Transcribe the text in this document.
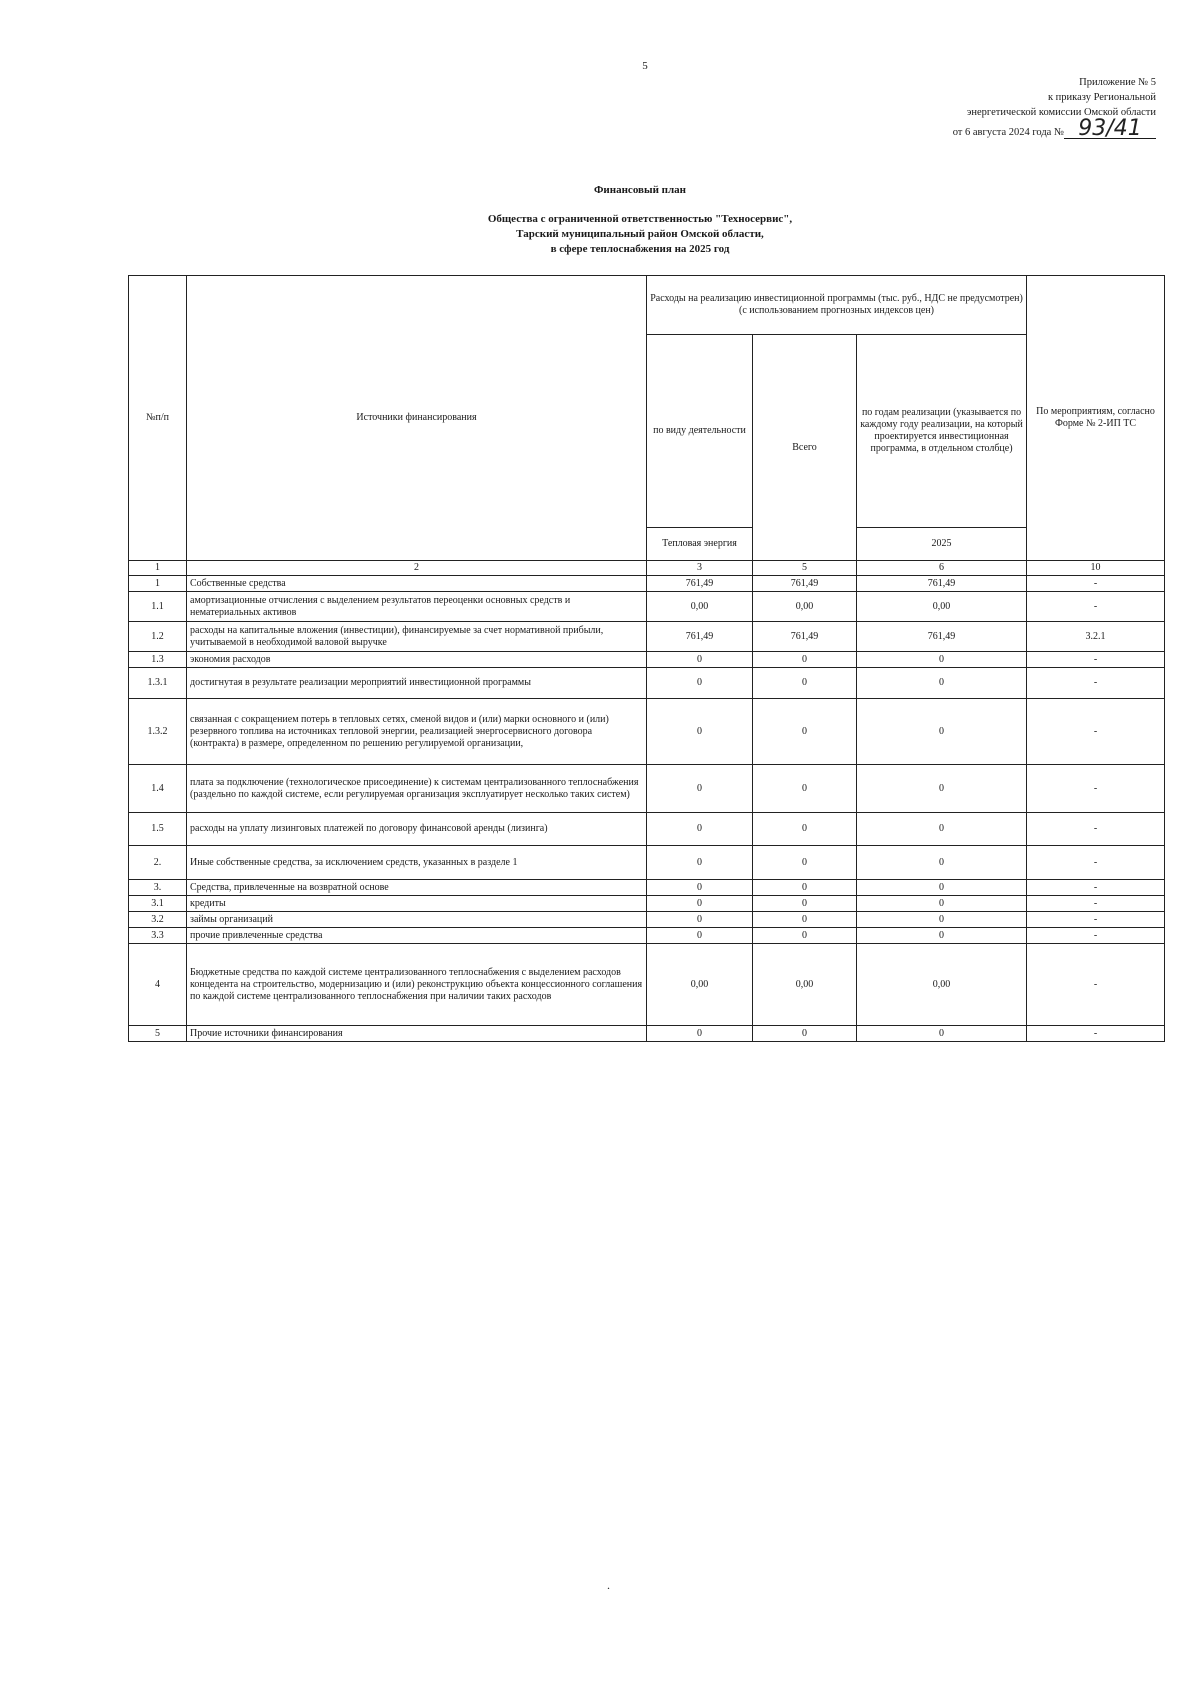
5
Приложение № 5
к приказу Региональной
энергетической комиссии Омской области
от 6 августа 2024 года № 93/41
Финансовый план
Общества с ограниченной ответственностью "Техносервис",
Тарский муниципальный район Омской области,
в сфере теплоснабжения на 2025 год
№п/п	Источники финансирования	Расходы на реализацию инвестиционной программы (тыс. руб., НДС не предусмотрен) (с использованием прогнозных индексов цен)			По мероприятиям, согласно Форме № 2-ИП ТС
		по виду деятельности	Всего	по годам реализации (указывается по каждому году реализации, на который проектируется инвестиционная программа, в отдельном столбце)	
		Тепловая энергия		2025	
1	2	3	5	6	10
1	Собственные средства	761,49	761,49	761,49	-
1.1	амортизационные отчисления с выделением результатов переоценки основных средств и нематериальных активов	0,00	0,00	0,00	-
1.2	расходы на капитальные вложения (инвестиции), финансируемые за счет нормативной прибыли, учитываемой в необходимой валовой выручке	761,49	761,49	761,49	3.2.1
1.3	экономия расходов	0	0	0	-
1.3.1	достигнутая в результате реализации мероприятий инвестиционной программы	0	0	0	-
1.3.2	связанная с сокращением потерь в тепловых сетях, сменой видов и (или) марки основного и (или) резервного топлива на источниках тепловой энергии, реализацией энергосервисного договора (контракта) в размере, определенном по решению регулируемой организации,	0	0	0	-
1.4	плата за подключение (технологическое присоединение) к системам централизованного теплоснабжения (раздельно по каждой системе, если регулируемая организация эксплуатирует несколько таких систем)	0	0	0	-
1.5	расходы на уплату лизинговых платежей по договору финансовой аренды (лизинга)	0	0	0	-
2.	Иные собственные средства, за исключением средств, указанных в разделе 1	0	0	0	-
3.	Средства, привлеченные на возвратной основе	0	0	0	-
3.1	кредиты	0	0	0	-
3.2	займы организаций	0	0	0	-
3.3	прочие привлеченные средства	0	0	0	-
4	Бюджетные средства по каждой системе централизованного теплоснабжения с выделением расходов концедента на строительство, модернизацию и (или) реконструкцию объекта концессионного соглашения по каждой системе централизованного теплоснабжения при наличии таких расходов	0,00	0,00	0,00	-
5	Прочие источники финансирования	0	0	0	-
.
